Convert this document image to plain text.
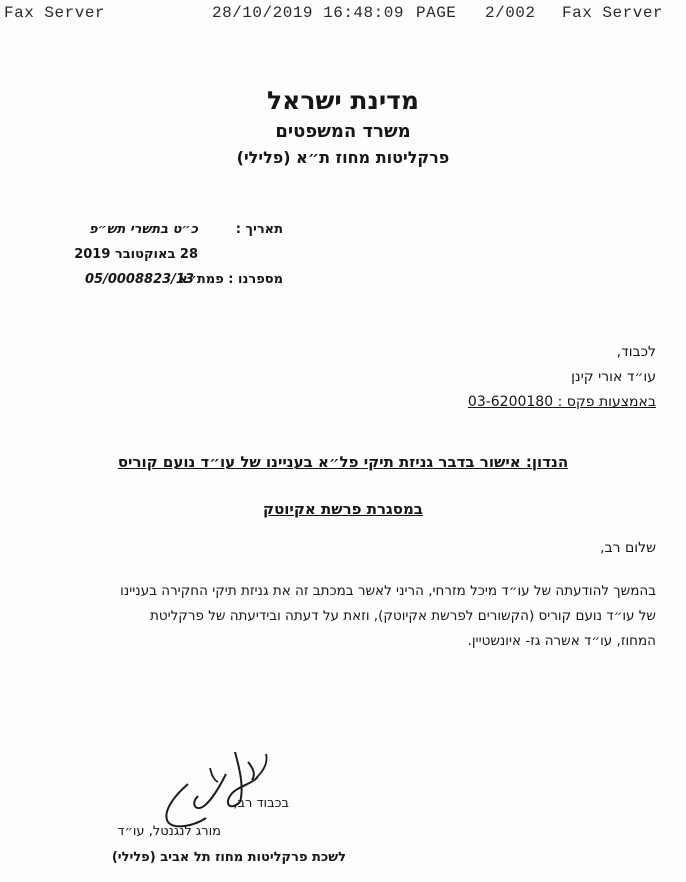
Fax Server	28/10/2019 16:48:09 PAGE 2/002 Fax Server
מדינת ישראל
משרד המשפטים
פרקליטות מחוז ת״א (פלילי)
תאריך :
כ״ט בתשרי תש״פ
28 באוקטובר 2019
מספרנו : פמת״א
05/0008823/13
לכבוד,
עו״ד אורי קינן
באמצעות פקס : 03-6200180
הנדון: אישור בדבר גניזת תיקי פל״א בעניינו של עו״ד נועם קוריס
במסגרת פרשת אקיוטק
שלום רב,
בהמשך להודעתה של עו״ד מיכל מזרחי, הריני לאשר במכתב זה את גניזת תיקי החקירה בעניינו
של עו״ד נועם קוריס (הקשורים לפרשת אקיוטק), וזאת על דעתה ובידיעתה של פרקליטת
המחוז, עו״ד אשרה גז- איונשטיין.
בכבוד רב,
מורג לנגנטל, עו״ד
לשכת פרקליטות מחוז תל אביב (פלילי)
